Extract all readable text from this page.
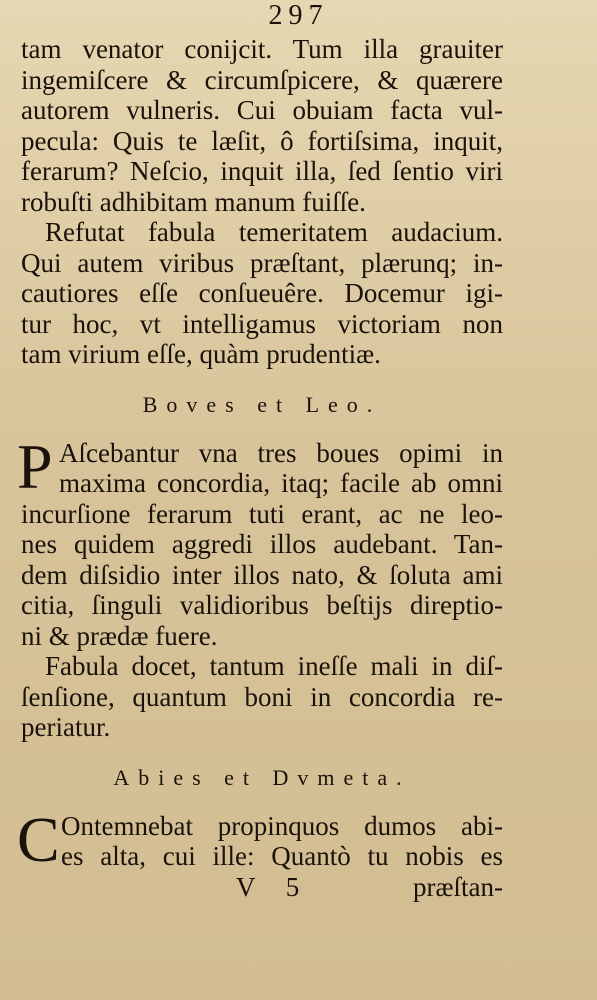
297
tam venator conijcit. Tum illa grauiter
ingemiſcere & circumſpicere, & quærere
autorem vulneris. Cui obuiam facta vul-
pecula: Quis te læſit, ô fortiſsima, inquit,
ferarum? Neſcio, inquit illa, ſed ſentio viri
robuſti adhibitam manum fuiſſe.
Refutat fabula temeritatem audacium.
Qui autem viribus præſtant, plærunq; in-
cautiores eſſe conſueuêre. Docemur igi-
tur hoc, vt intelligamus victoriam non
tam virium eſſe, quàm prudentiæ.
Boves et Leo.
P Aſcebantur vna tres boues opimi in
maxima concordia, itaq; facile ab omni
incurſione ferarum tuti erant, ac ne leo-
nes quidem aggredi illos audebant. Tan-
dem diſsidio inter illos nato, & ſoluta ami
citia, ſinguli validioribus beſtijs direptio-
ni & prædæ fuere.
Fabula docet, tantum ineſſe mali in diſ-
ſenſione, quantum boni in concordia re-
periatur.
Abies et Dvmeta.
C Ontemnebat propinquos dumos abi-
es alta, cui ille: Quantò tu nobis es
V 5	præſtan-
